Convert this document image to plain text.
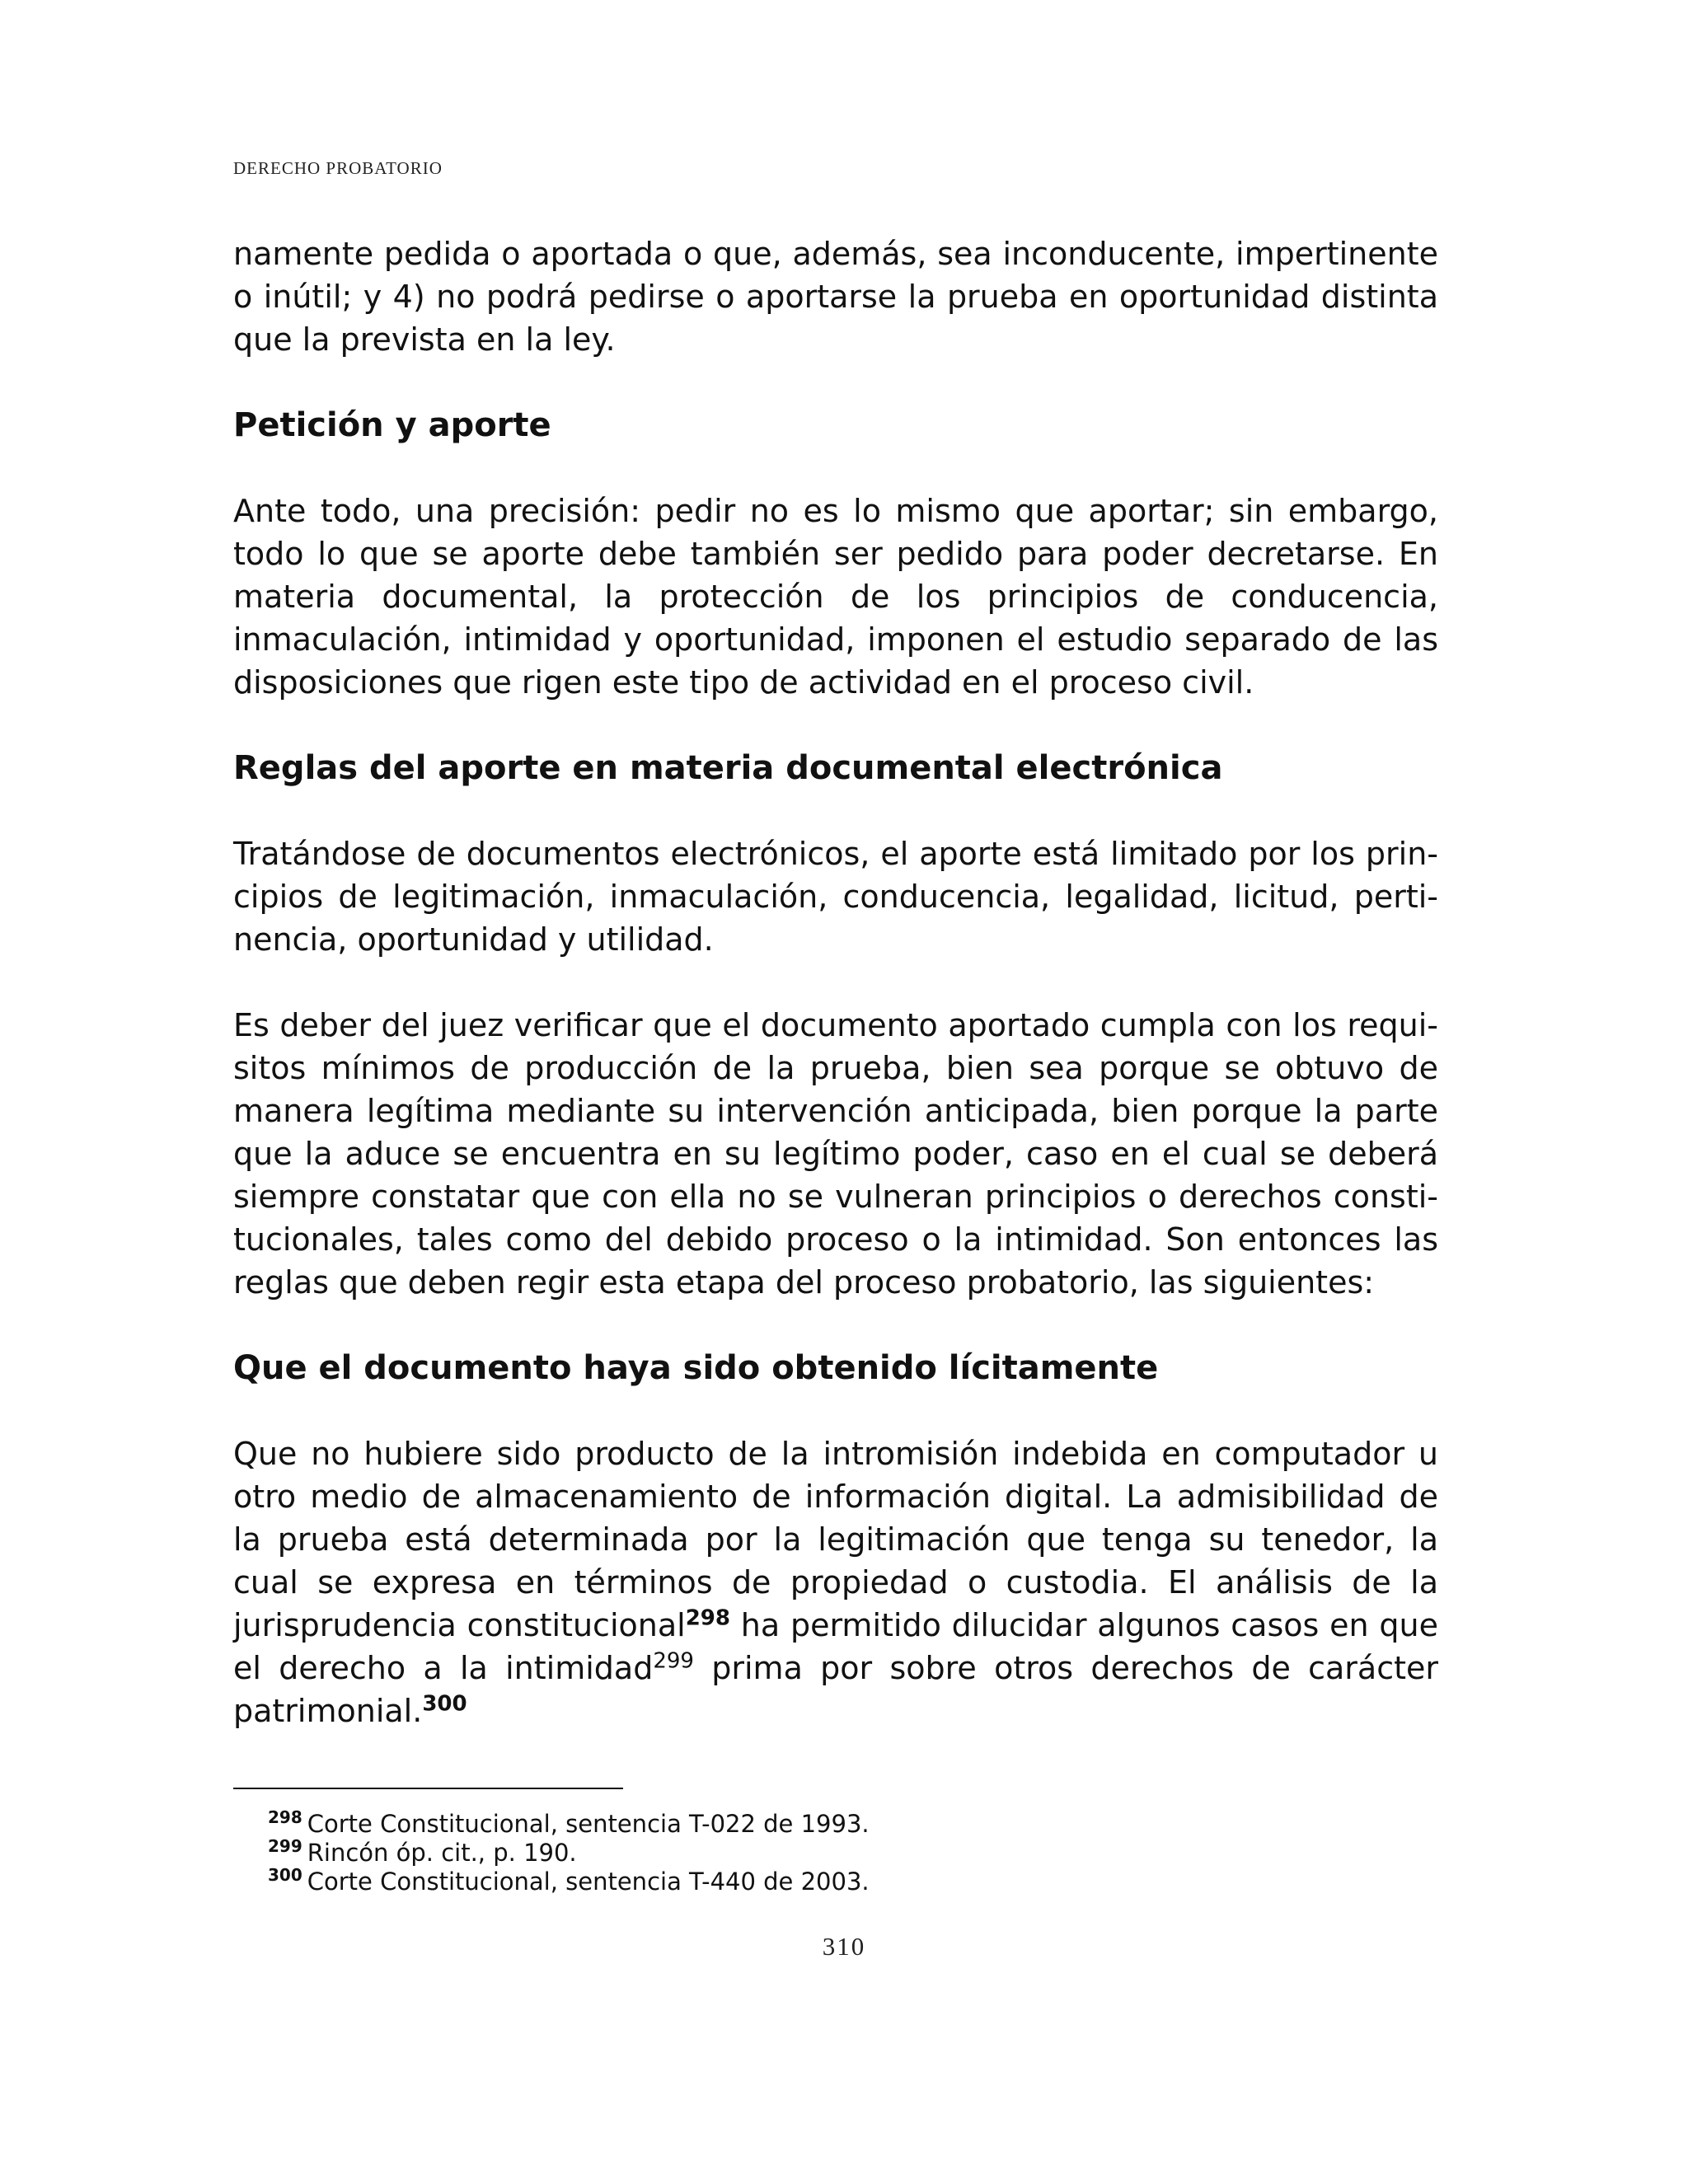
DERECHO PROBATORIO

namente pedida o aportada o que, además, sea inconducente, impertinente o inútil; y 4) no podrá pedirse o aportarse la prueba en oportunidad distinta que la prevista en la ley.

Petición y aporte

Ante todo, una precisión: pedir no es lo mismo que aportar; sin embargo, todo lo que se aporte debe también ser pedido para poder decretarse. En materia documental, la protección de los principios de conducencia, inmaculación, intimidad y oportunidad, imponen el estudio separado de las disposiciones que rigen este tipo de actividad en el proceso civil.

Reglas del aporte en materia documental electrónica

Tratándose de documentos electrónicos, el aporte está limitado por los principios de legitimación, inmaculación, conducencia, legalidad, licitud, pertinencia, oportunidad y utilidad.

Es deber del juez verificar que el documento aportado cumpla con los requisitos mínimos de producción de la prueba, bien sea porque se obtuvo de manera legítima mediante su intervención anticipada, bien porque la parte que la aduce se encuentra en su legítimo poder, caso en el cual se deberá siempre constatar que con ella no se vulneran principios o derechos constitucionales, tales como del debido proceso o la intimidad. Son entonces las reglas que deben regir esta etapa del proceso probatorio, las siguientes:

Que el documento haya sido obtenido lícitamente

Que no hubiere sido producto de la intromisión indebida en computador u otro medio de almacenamiento de información digital. La admisibilidad de la prueba está determinada por la legitimación que tenga su tenedor, la cual se expresa en términos de propiedad o custodia. El análisis de la jurisprudencia constitucional$^{298}$ ha permitido dilucidar algunos casos en que el derecho a la intimidad$^{299}$ prima por sobre otros derechos de carácter patrimonial.$^{300}$

$^{298}$ Corte Constitucional, sentencia T-022 de 1993.
$^{299}$ Rincón óp. cit., p. 190.
$^{300}$ Corte Constitucional, sentencia T-440 de 2003.
310
